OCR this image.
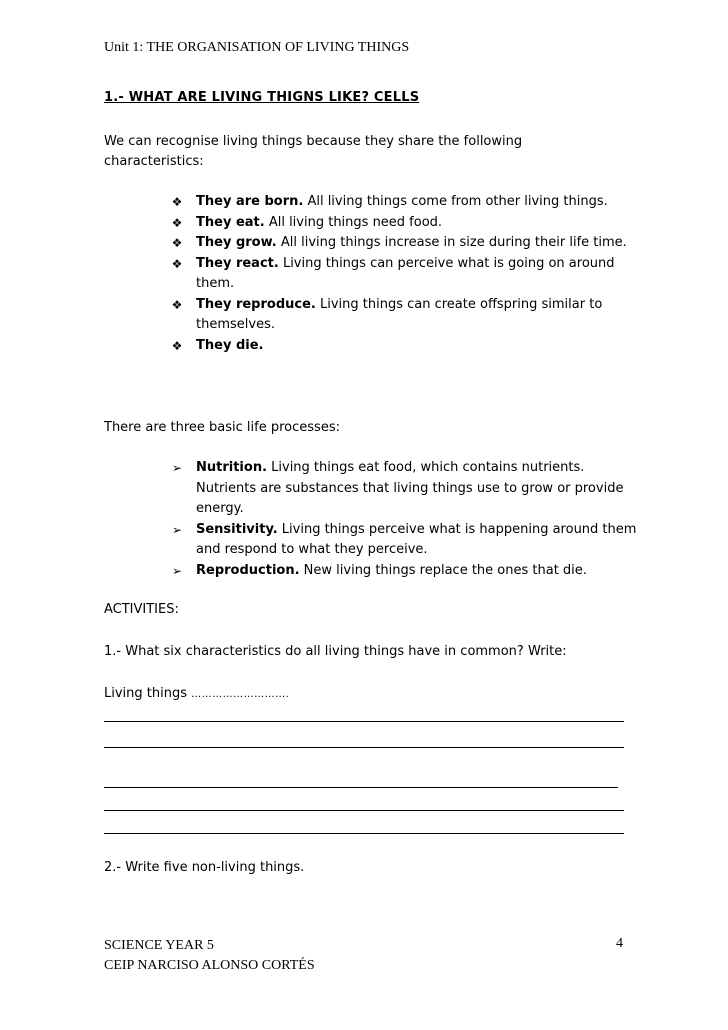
Unit 1: THE ORGANISATION OF LIVING THINGS
1.- WHAT ARE LIVING THIGNS LIKE? CELLS
We can recognise living things because they share the following
characteristics:
❖ They are born. All living things come from other living things.
❖ They eat. All living things need food.
❖ They grow. All living things increase in size during their life time.
❖ They react. Living things can perceive what is going on around them.
❖ They reproduce. Living things can create offspring similar to themselves.
❖ They die.
There are three basic life processes:
➢	Nutrition. Living things eat food, which contains nutrients. Nutrients are substances that living things use to grow or provide energy.
➢	Sensitivity. Living things perceive what is happening around them and respond to what they perceive.
➢	Reproduction. New living things replace the ones that die.
ACTIVITIES:
1.- What six characteristics do all living things have in common? Write:
Living things ……………………….
2.- Write five non-living things.
SCIENCE YEAR 5
CEIP NARCISO ALONSO CORTÉS
4
